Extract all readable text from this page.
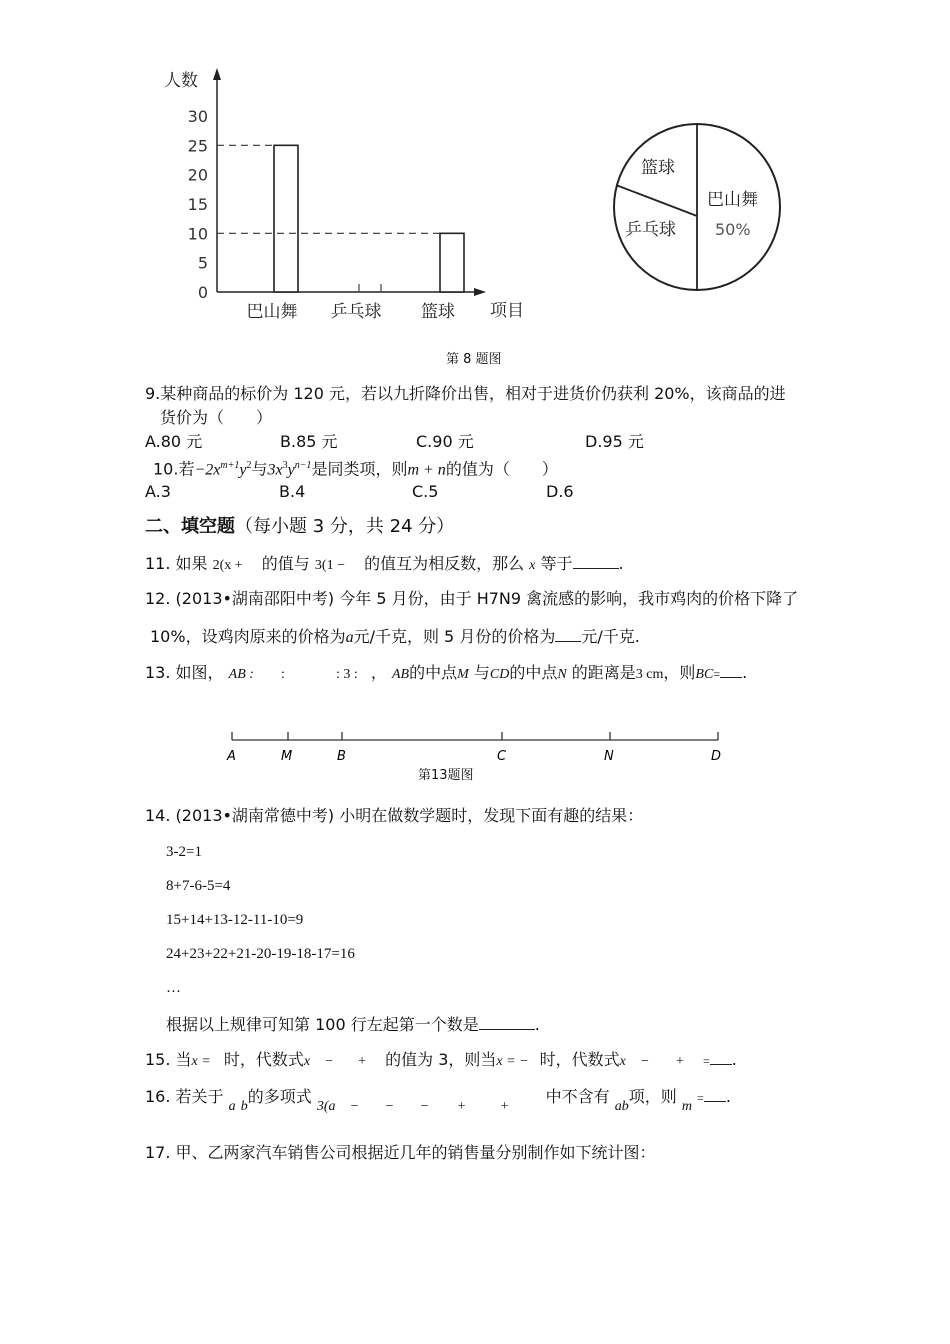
人数
项目
0
5
10
15
20
25
30
巴山舞 乒乓球 篮球
篮球
乒乓球
巴山舞
50%
第 8 题图
9.某种商品的标价为 120 元，若以九折降价出售，相对于进货价仍获利 20%，该商品的进
货价为（　　）
A.80 元	B.85 元	C.90 元	D.95 元
10.若$-2x^{m+1}y^2$与$3x^3y^{n-1}$是同类项，则m + n的值为（　　）
A.3	B.4	C.5	D.6
二、填空题（每小题 3 分，共 24 分）
11. 如果 2(x + 的值与 3(1 − 的值互为相反数，那么 x 等于	.
12. (2013•湖南邵阳中考) 今年 5 月份，由于 H7N9 禽流感的影响，我市鸡肉的价格下降了
10%，设鸡肉原来的价格为a元/千克，则 5 月份的价格为 元/千克.
13. 如图， AB : :	: 3 : ， AB的中点M 与CD的中点N 的距离是3 cm，则BC= .
A	M	B	C	N	D
第13题图
14. (2013•湖南常德中考) 小明在做数学题时，发现下面有趣的结果：
3-2=1
8+7-6-5=4
15+14+13-12-11-10=9
24+23+22+21-20-19-18-17=16
…
根据以上规律可知第 100 行左起第一个数是	.
15. 当x = 时，代数式x − + 的值为 3，则当x = − 时，代数式x − + = .
16. 若关于 a b的多项式 3(a − − − +	+ 中不含有 ab项，则 m = .
17. 甲、乙两家汽车销售公司根据近几年的销售量分别制作如下统计图：
